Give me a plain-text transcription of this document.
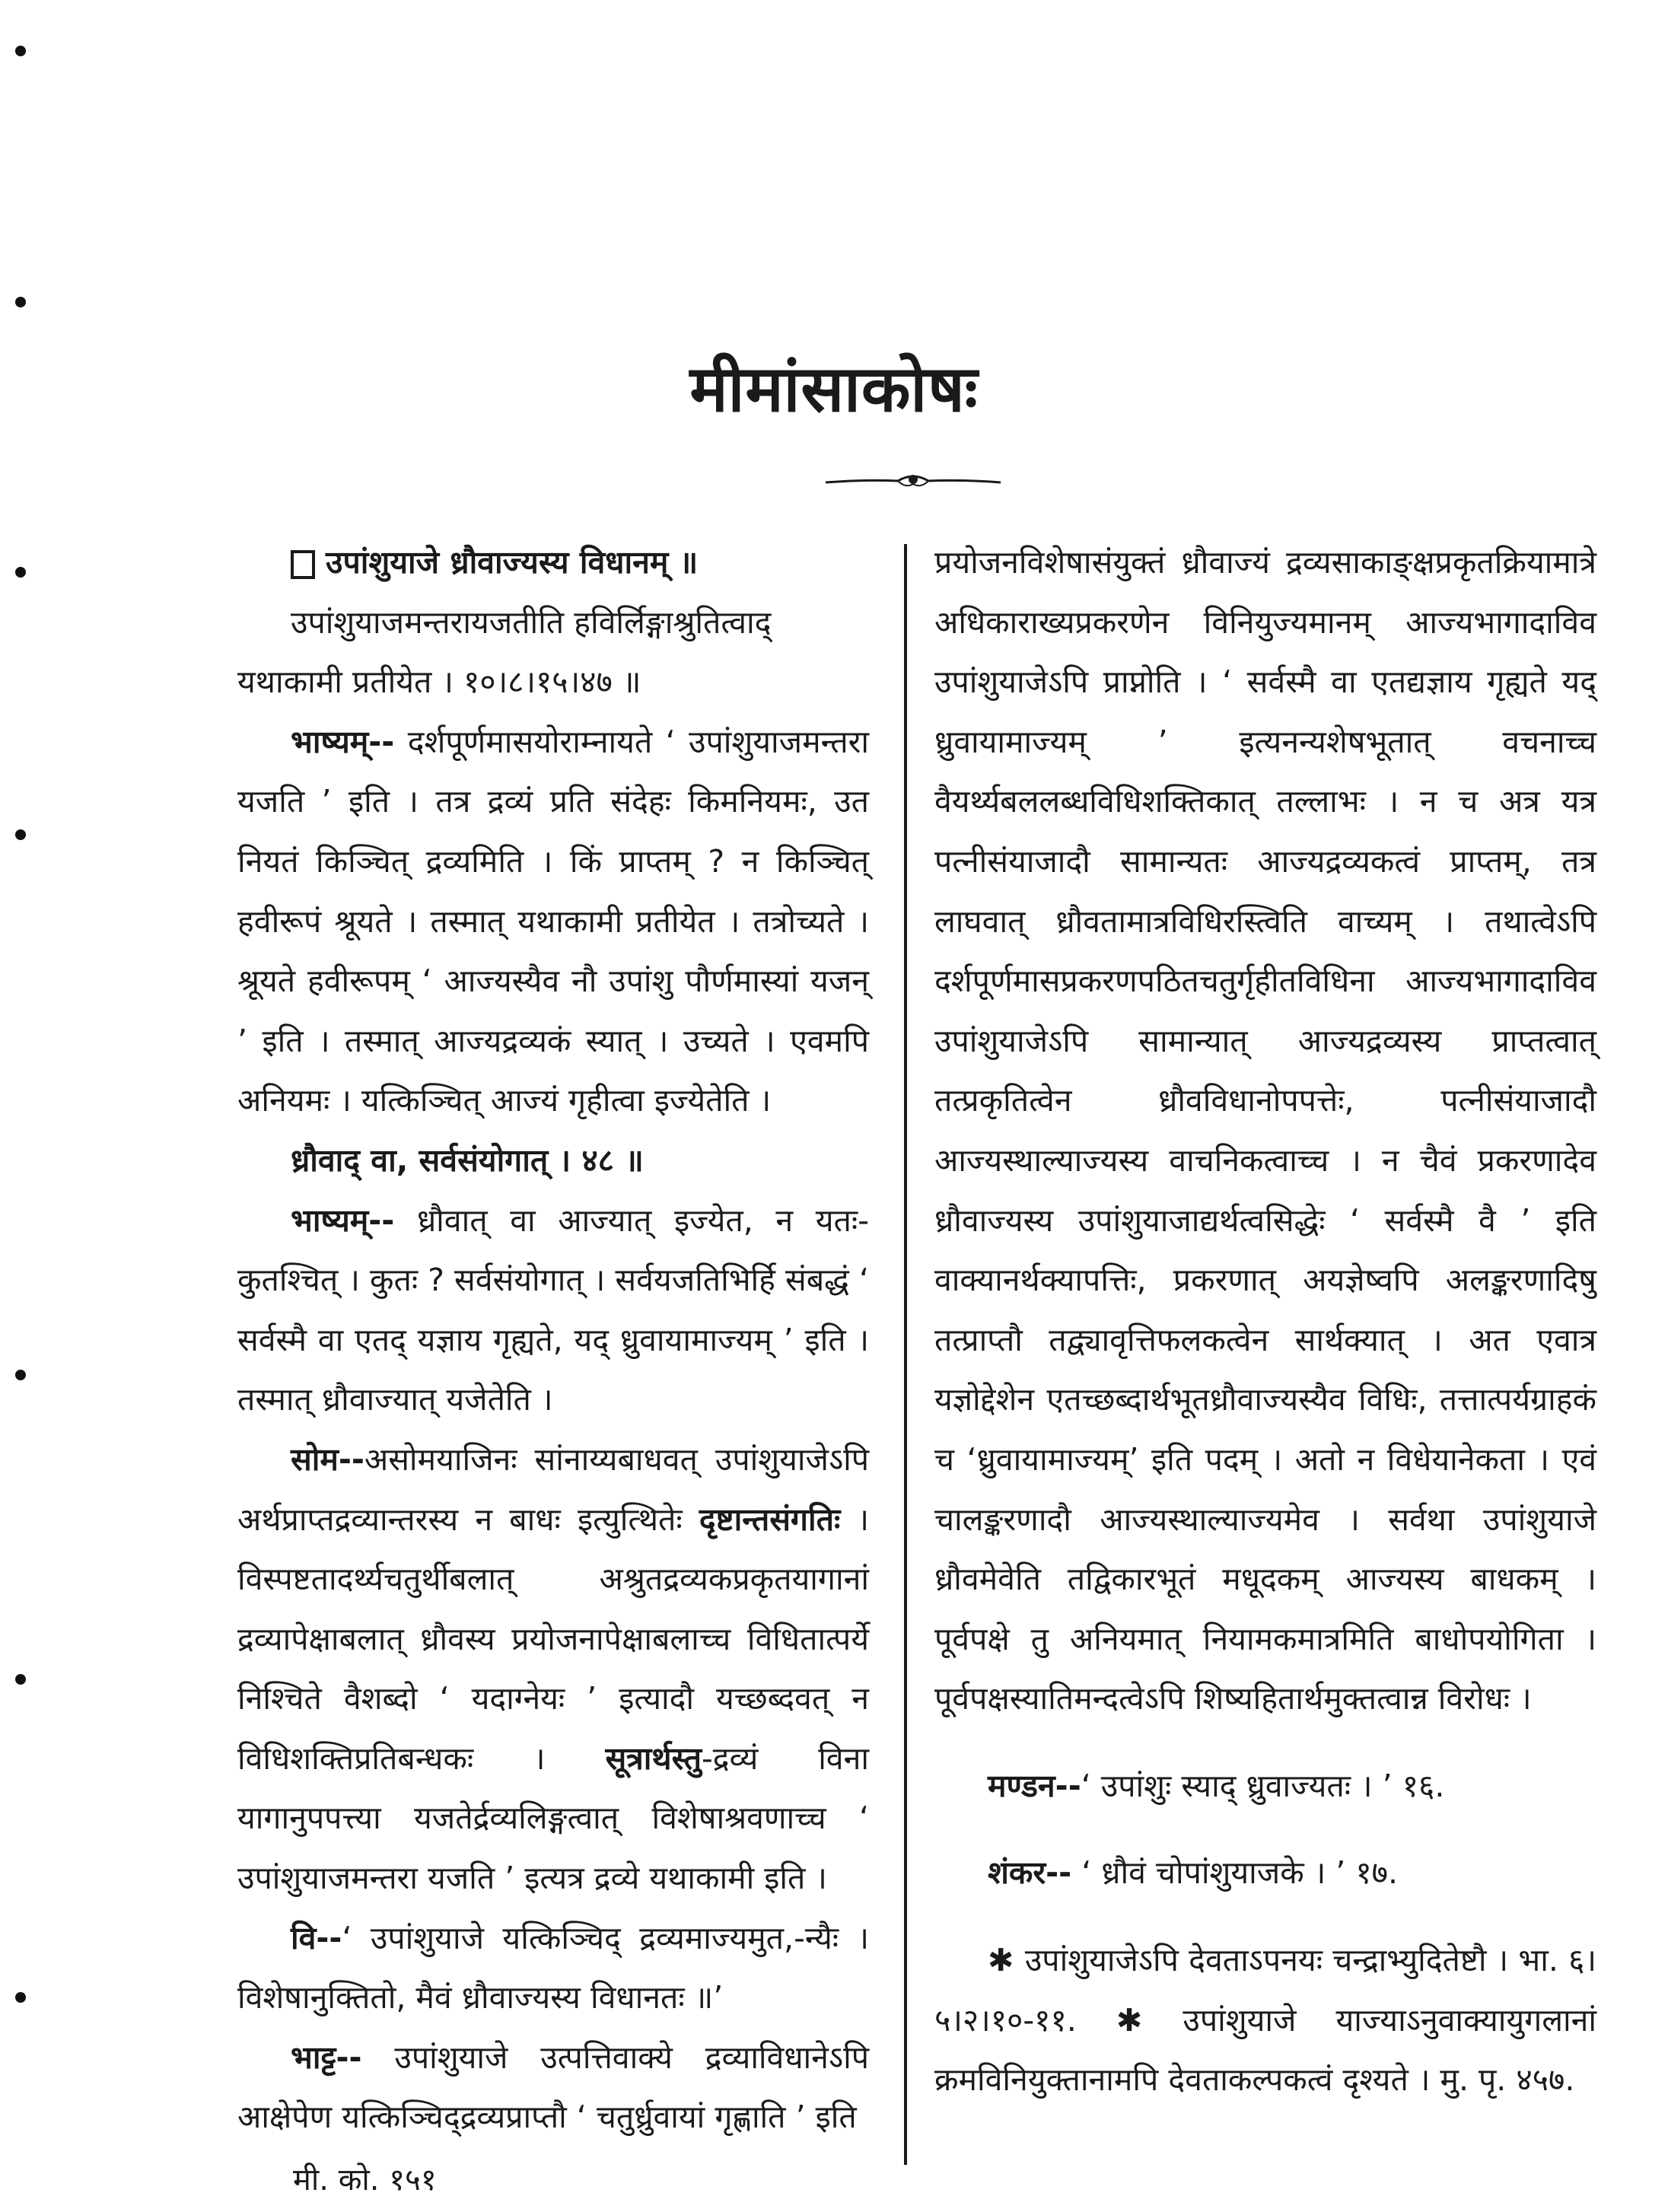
मीमांसाकोषः

उपांशुयाजे ध्रौवाज्यस्य विधानम् ॥

उपांशुयाजमन्तरायजतीति हविर्लिङ्गाश्रुतित्वाद्

यथाकामी प्रतीयेत । १०।८।१५।४७ ॥

भाष्यम्-- दर्शपूर्णमासयोराम्नायते ‘ उपांशुयाजमन्तरा यजति ’ इति । तत्र द्रव्यं प्रति संदेहः किमनियमः, उत नियतं किञ्चित् द्रव्यमिति । किं प्राप्तम् ? न किञ्चित् हवीरूपं श्रूयते । तस्मात् यथाकामी प्रतीयेत । तत्रोच्यते । श्रूयते हवीरूपम् ‘ आज्यस्यैव नौ उपांशु पौर्णमास्यां यजन् ’ इति । तस्मात् आज्यद्रव्यकं स्यात् । उच्यते । एवमपि अनियमः । यत्किञ्चित् आज्यं गृहीत्वा इज्येतेति ।

ध्रौवाद् वा, सर्वसंयोगात् । ४८ ॥

भाष्यम्-- ध्रौवात् वा आज्यात् इज्येत, न यतः-कुतश्चित् । कुतः ? सर्वसंयोगात् । सर्वयजतिभिर्हि संबद्धं ‘ सर्वस्मै वा एतद् यज्ञाय गृह्यते, यद् ध्रुवायामाज्यम् ’ इति । तस्मात् ध्रौवाज्यात् यजेतेति ।

सोम--असोमयाजिनः सांनाय्यबाधवत् उपांशुयाजेऽपि अर्थप्राप्तद्रव्यान्तरस्य न बाधः इत्युत्थितेः दृष्टान्तसंगतिः । विस्पष्टतादर्थ्यचतुर्थीबलात् अश्रुतद्रव्यकप्रकृतयागानां द्रव्यापेक्षाबलात् ध्रौवस्य प्रयोजनापेक्षाबलाच्च विधितात्पर्ये निश्चिते वैशब्दो ‘ यदाग्नेयः ’ इत्यादौ यच्छब्दवत् न विधिशक्तिप्रतिबन्धकः । सूत्रार्थस्तु-द्रव्यं विना यागानुपपत्त्या यजतेर्द्रव्यलिङ्गत्वात् विशेषाश्रवणाच्च ‘ उपांशुयाजमन्तरा यजति ’ इत्यत्र द्रव्ये यथाकामी इति ।

वि--‘ उपांशुयाजे यत्किञ्चिद् द्रव्यमाज्यमुत,-न्यैः । विशेषानुक्तितो, मैवं ध्रौवाज्यस्य विधानतः ॥’

भाट्ट-- उपांशुयाजे उत्पत्तिवाक्ये द्रव्याविधानेऽपि आक्षेपेण यत्किञ्चिद्द्रव्यप्राप्तौ ‘ चतुर्ध्रुवायां गृह्णाति ’ इति

प्रयोजनविशेषासंयुक्तं ध्रौवाज्यं द्रव्यसाकाङ्क्षप्रकृतक्रियामात्रे अधिकाराख्यप्रकरणेन विनियुज्यमानम् आज्यभागादाविव उपांशुयाजेऽपि प्राप्नोति । ‘ सर्वस्मै वा एतद्यज्ञाय गृह्यते यद् ध्रुवायामाज्यम् ’ इत्यनन्यशेषभूतात् वचनाच्च वैयर्थ्यबललब्धविधिशक्तिकात् तल्लाभः । न च अत्र यत्र पत्नीसंयाजादौ सामान्यतः आज्यद्रव्यकत्वं प्राप्तम्, तत्र लाघवात् ध्रौवतामात्रविधिरस्त्विति वाच्यम् । तथात्वेऽपि दर्शपूर्णमासप्रकरणपठितचतुर्गृहीतविधिना आज्यभागादाविव उपांशुयाजेऽपि सामान्यात् आज्यद्रव्यस्य प्राप्तत्वात् तत्प्रकृतित्वेन ध्रौवविधानोपपत्तेः, पत्नीसंयाजादौ आज्यस्थाल्याज्यस्य वाचनिकत्वाच्च । न चैवं प्रकरणादेव ध्रौवाज्यस्य उपांशुयाजाद्यर्थत्वसिद्धेः ‘ सर्वस्मै वै ’ इति वाक्यानर्थक्यापत्तिः, प्रकरणात् अयज्ञेष्वपि अलङ्करणादिषु तत्प्राप्तौ तद्व्यावृत्तिफलकत्वेन सार्थक्यात् । अत एवात्र यज्ञोद्देशेन एतच्छब्दार्थभूतध्रौवाज्यस्यैव विधिः, तत्तात्पर्यग्राहकं च ‘ध्रुवायामाज्यम्’ इति पदम् । अतो न विधेयानेकता । एवं चालङ्करणादौ आज्यस्थाल्याज्यमेव । सर्वथा उपांशुयाजे ध्रौवमेवेति तद्विकारभूतं मधूदकम् आज्यस्य बाधकम् । पूर्वपक्षे तु अनियमात् नियामकमात्रमिति बाधोपयोगिता । पूर्वपक्षस्यातिमन्दत्वेऽपि शिष्यहितार्थमुक्तत्वान्न विरोधः ।

मण्डन--‘ उपांशुः स्याद् ध्रुवाज्यतः । ’ १६.

शंकर-- ‘ ध्रौवं चोपांशुयाजके । ’ १७.

✱ उपांशुयाजेऽपि देवताऽपनयः चन्द्राभ्युदितेष्टौ । भा. ६।५।२।१०-११. ✱ उपांशुयाजे याज्याऽनुवाक्यायुगलानां क्रमविनियुक्तानामपि देवताकल्पकत्वं दृश्यते । मु. पृ. ४५७.

मी. को. १५१
